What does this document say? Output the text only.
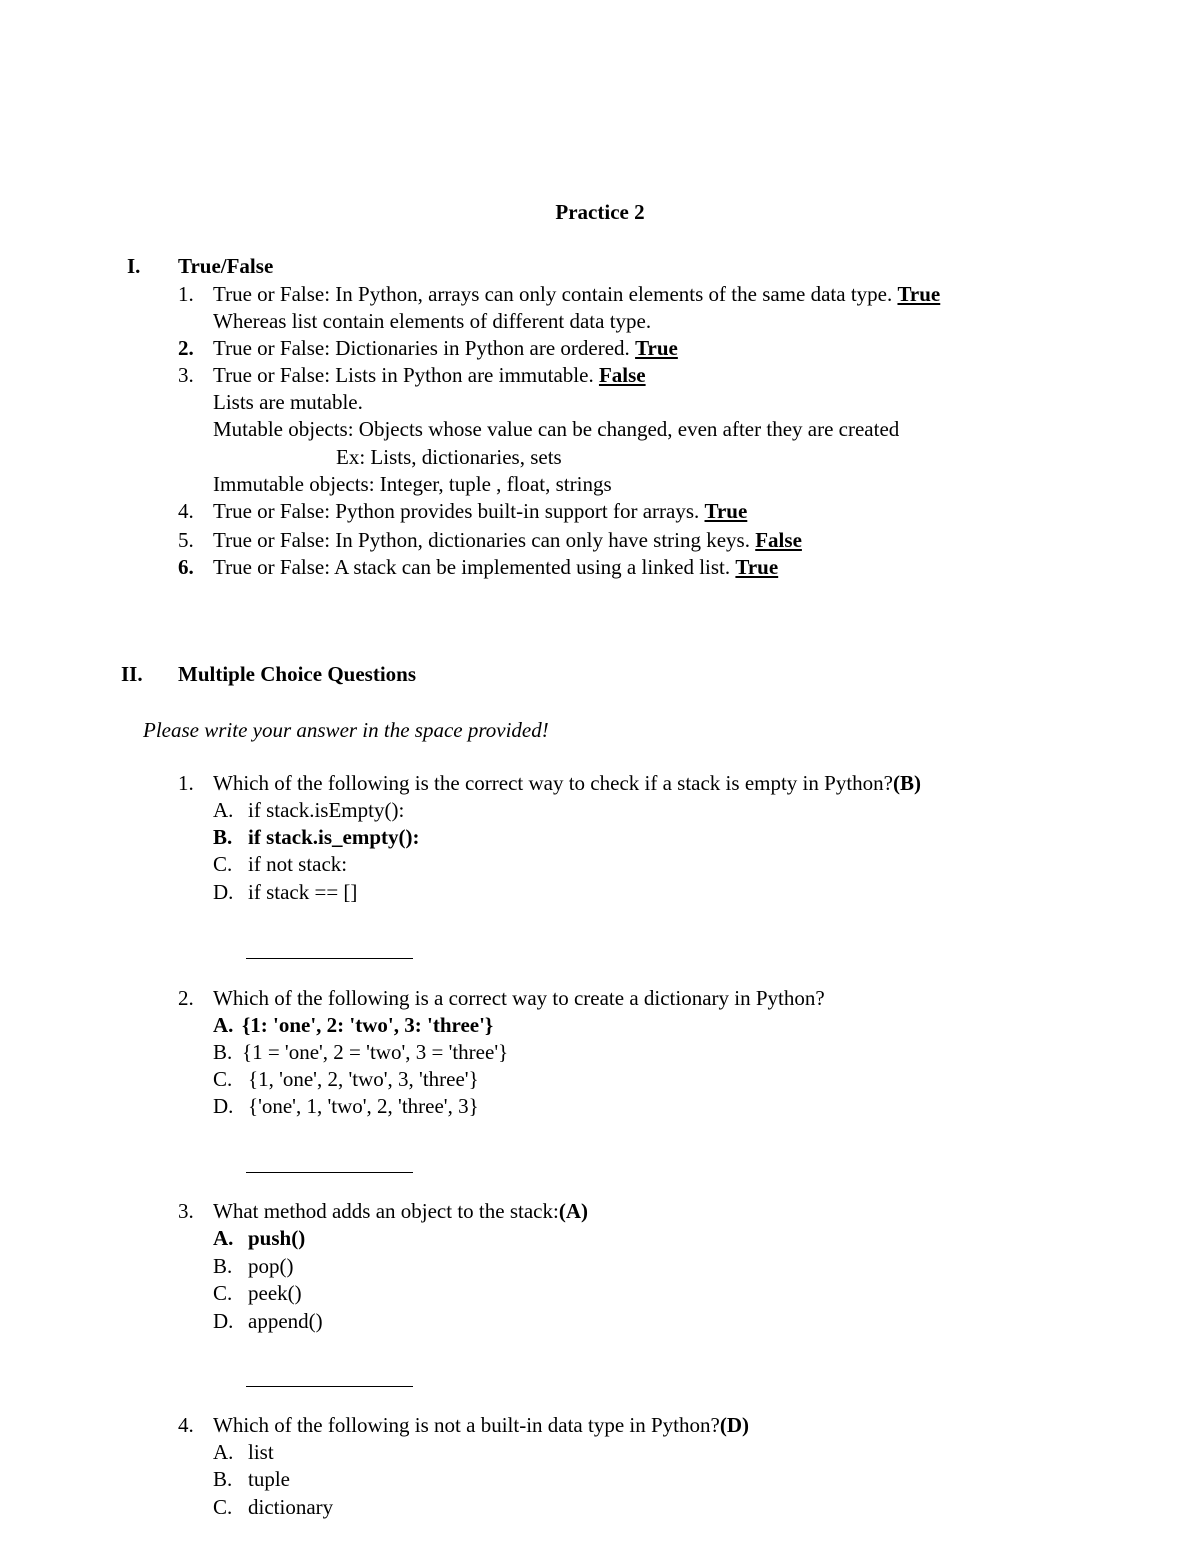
Practice 2
I. True/False
1. True or False: In Python, arrays can only contain elements of the same data type. True
Whereas list contain elements of different data type.
2. True or False: Dictionaries in Python are ordered. True
3. True or False: Lists in Python are immutable. False
Lists are mutable.
Mutable objects: Objects whose value can be changed, even after they are created
Ex: Lists, dictionaries, sets
Immutable objects: Integer, tuple , float, strings
4. True or False: Python provides built-in support for arrays. True
5. True or False: In Python, dictionaries can only have string keys. False
6. True or False: A stack can be implemented using a linked list. True
II. Multiple Choice Questions
Please write your answer in the space provided!
1. Which of the following is the correct way to check if a stack is empty in Python?(B)
A. if stack.isEmpty():
B. if stack.is_empty():
C. if not stack:
D. if stack == []
2. Which of the following is a correct way to create a dictionary in Python?
A. {1: 'one', 2: 'two', 3: 'three'}
B. {1 = 'one', 2 = 'two', 3 = 'three'}
C. {1, 'one', 2, 'two', 3, 'three'}
D. {'one', 1, 'two', 2, 'three', 3}
3. What method adds an object to the stack:(A)
A. push()
B. pop()
C. peek()
D. append()
4. Which of the following is not a built-in data type in Python?(D)
A. list
B. tuple
C. dictionary
